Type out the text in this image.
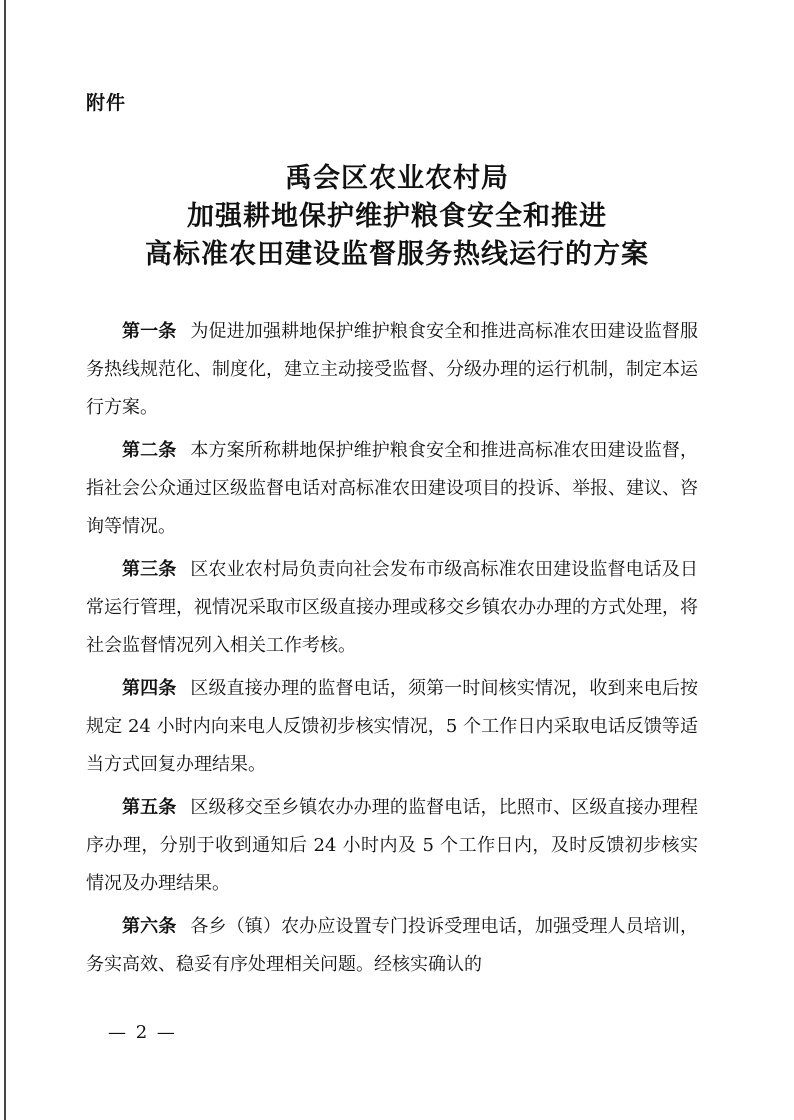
附件
禹会区农业农村局
加强耕地保护维护粮食安全和推进
高标准农田建设监督服务热线运行的方案

第一条 为促进加强耕地保护维护粮食安全和推进高标准农田建设监督服务热线规范化、制度化，建立主动接受监督、分级办理的运行机制，制定本运行方案。

第二条 本方案所称耕地保护维护粮食安全和推进高标准农田建设监督，指社会公众通过区级监督电话对高标准农田建设项目的投诉、举报、建议、咨询等情况。

第三条 区农业农村局负责向社会发布市级高标准农田建设监督电话及日常运行管理，视情况采取市区级直接办理或移交乡镇农办办理的方式处理，将社会监督情况列入相关工作考核。

第四条 区级直接办理的监督电话，须第一时间核实情况，收到来电后按规定 24 小时内向来电人反馈初步核实情况，5 个工作日内采取电话反馈等适当方式回复办理结果。

第五条 区级移交至乡镇农办办理的监督电话，比照市、区级直接办理程序办理，分别于收到通知后 24 小时内及 5 个工作日内，及时反馈初步核实情况及办理结果。

第六条 各乡（镇）农办应设置专门投诉受理电话，加强受理人员培训，务实高效、稳妥有序处理相关问题。经核实确认的

— 2 —
